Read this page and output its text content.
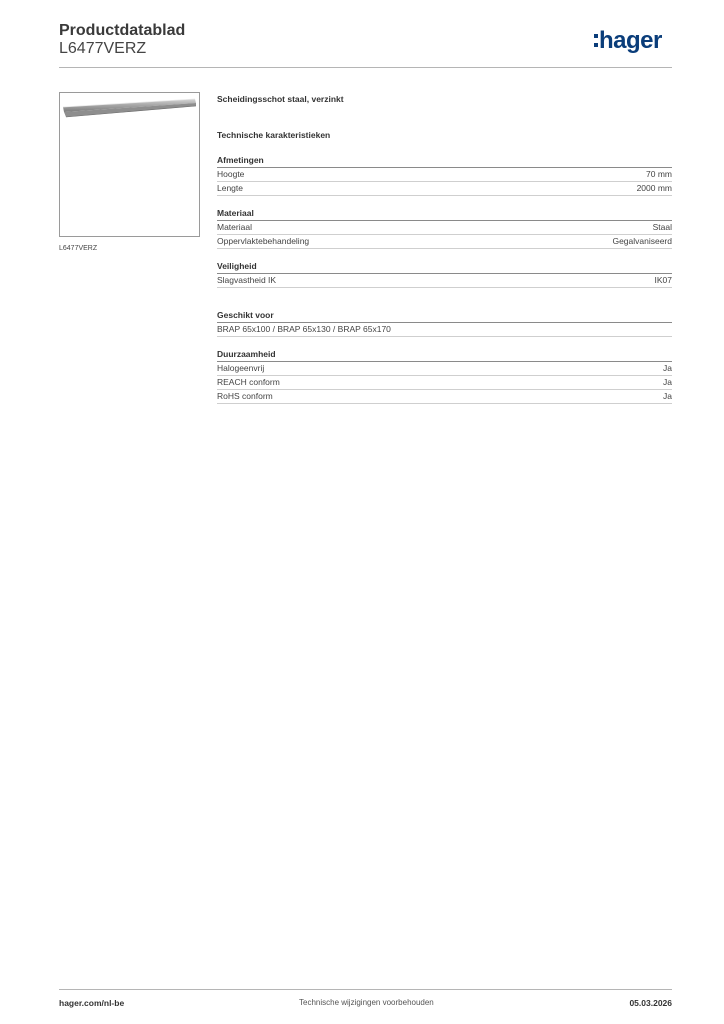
Productdatablad
L6477VERZ	hager
L6477VERZ
Scheidingsschot staal, verzinkt
Technische karakteristieken
Afmetingen
Hoogte	70 mm
Lengte	2000 mm
Materiaal
Materiaal	Staal
Oppervlaktebehandeling	Gegalvaniseerd
Veiligheid
Slagvastheid IK	IK07
Geschikt voor
BRAP 65x100 / BRAP 65x130 / BRAP 65x170
Duurzaamheid
Halogeenvrij	Ja
REACH conform	Ja
RoHS conform	Ja
hager.com/nl-be	Technische wijzigingen voorbehouden	05.03.2026
